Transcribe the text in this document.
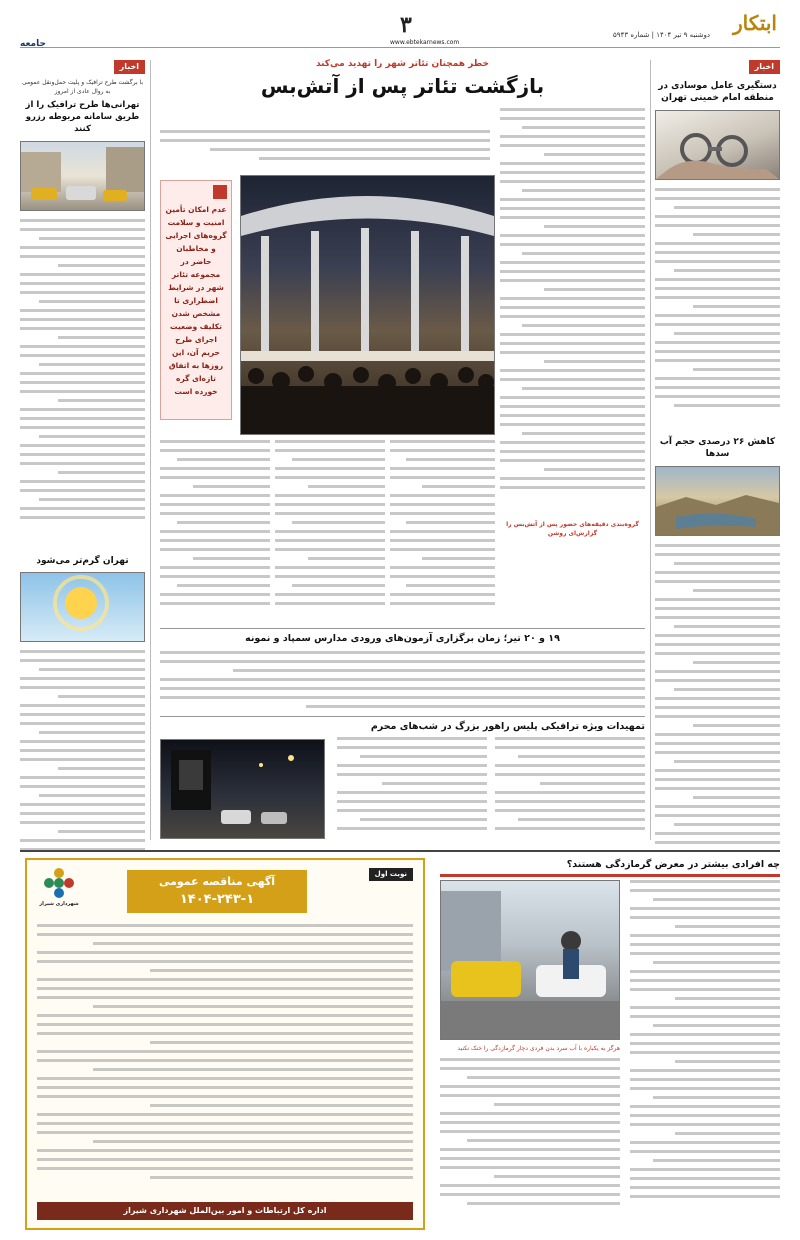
ابتکار
دوشنبه ۹ تیر ۱۴۰۴ | شماره ۵۹۴۳
۳
www.ebtekarnews.com
جامعه
اخبار
دستگیری عامل موسادی در منطقه امام خمینی تهران
کاهش ۲۶ درصدی حجم آب سدها
اخبار
با برگشت طرح ترافیک و پلیت حمل‌ونقل عمومی به روال عادی از امروز
تهرانی‌ها طرح ترافیک را از طریق سامانه مربوطه رزرو کنند
تهران گرم‌تر می‌شود
خطر همچنان تئاتر شهر را تهدید می‌کند
بازگشت تئاتر پس از آتش‌بس
گروه‌بندی دقیقه‌های حضور پس از آتش‌بس را گزارش‌ای روشن
عدم امکان تأمین امنیت و سلامت گروه‌های اجرایی و مخاطبان حاضر در مجموعه تئاتر شهر در شرایط اضطراری تا مشخص شدن تکلیف وضعیت اجرای طرح حریم آن، این روزها به اتفاق تازه‌ای گره خورده است
۱۹ و ۲۰ تیر؛ زمان برگزاری آزمون‌های ورودی مدارس سمپاد و نمونه
تمهیدات ویژه ترافیکی پلیس راهور بزرگ در شب‌های محرم
نوبت اول
شهرداری شیراز
آگهی مناقصه عمومی
۱۴۰۴-۲۴۳-۱
اداره کل ارتباطات و امور بین‌الملل شهرداری شیراز
چه افرادی بیشتر در معرض گرمازدگی هستند؟
هرگز به یکباره با آب سرد بدن فردی دچار گرمازدگی را خنک نکنید
